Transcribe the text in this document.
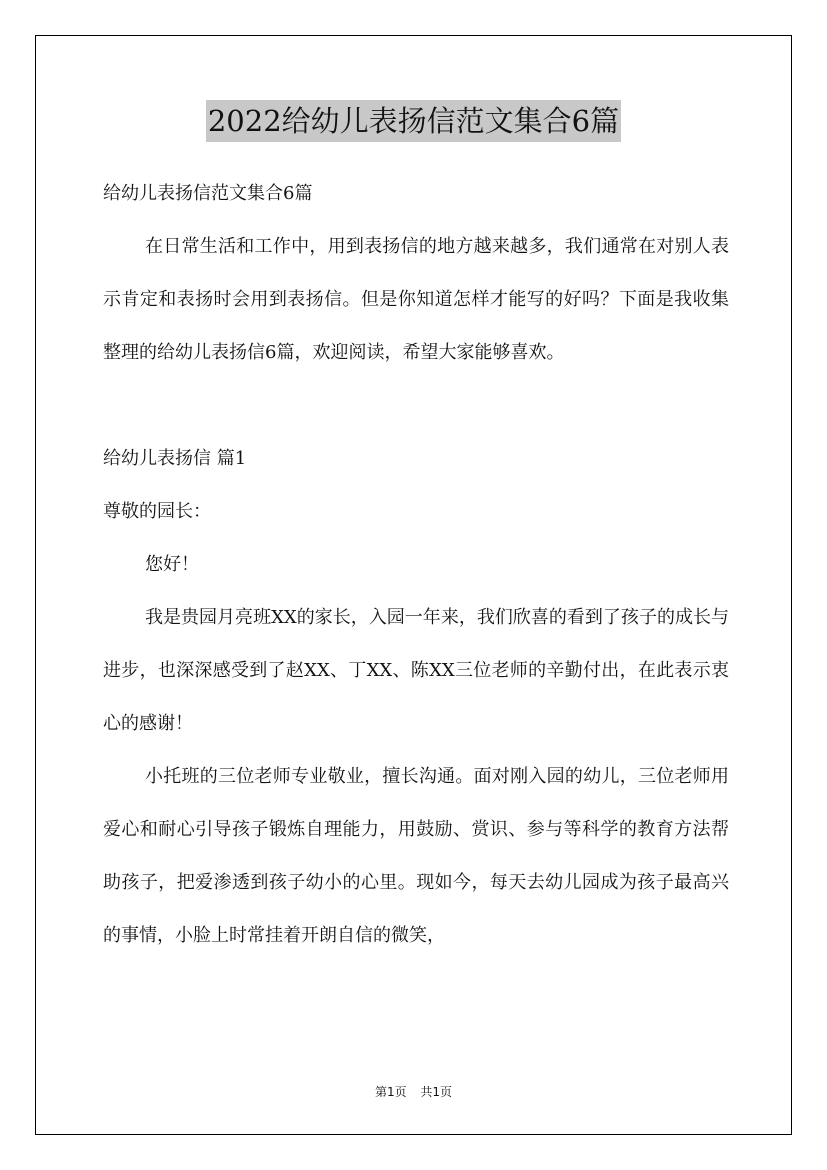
2022给幼儿表扬信范文集合6篇

给幼儿表扬信范文集合6篇

在日常生活和工作中，用到表扬信的地方越来越多，我们通常在对别人表示肯定和表扬时会用到表扬信。但是你知道怎样才能写的好吗？下面是我收集整理的给幼儿表扬信6篇，欢迎阅读，希望大家能够喜欢。

给幼儿表扬信 篇1

尊敬的园长：

您好！

我是贵园月亮班XX的家长，入园一年来，我们欣喜的看到了孩子的成长与进步，也深深感受到了赵XX、丁XX、陈XX三位老师的辛勤付出，在此表示衷心的感谢！

小托班的三位老师专业敬业，擅长沟通。面对刚入园的幼儿，三位老师用爱心和耐心引导孩子锻炼自理能力，用鼓励、赏识、参与等科学的教育方法帮助孩子，把爱渗透到孩子幼小的心里。现如今，每天去幼儿园成为孩子最高兴的事情，小脸上时常挂着开朗自信的微笑，

第1页 共1页
